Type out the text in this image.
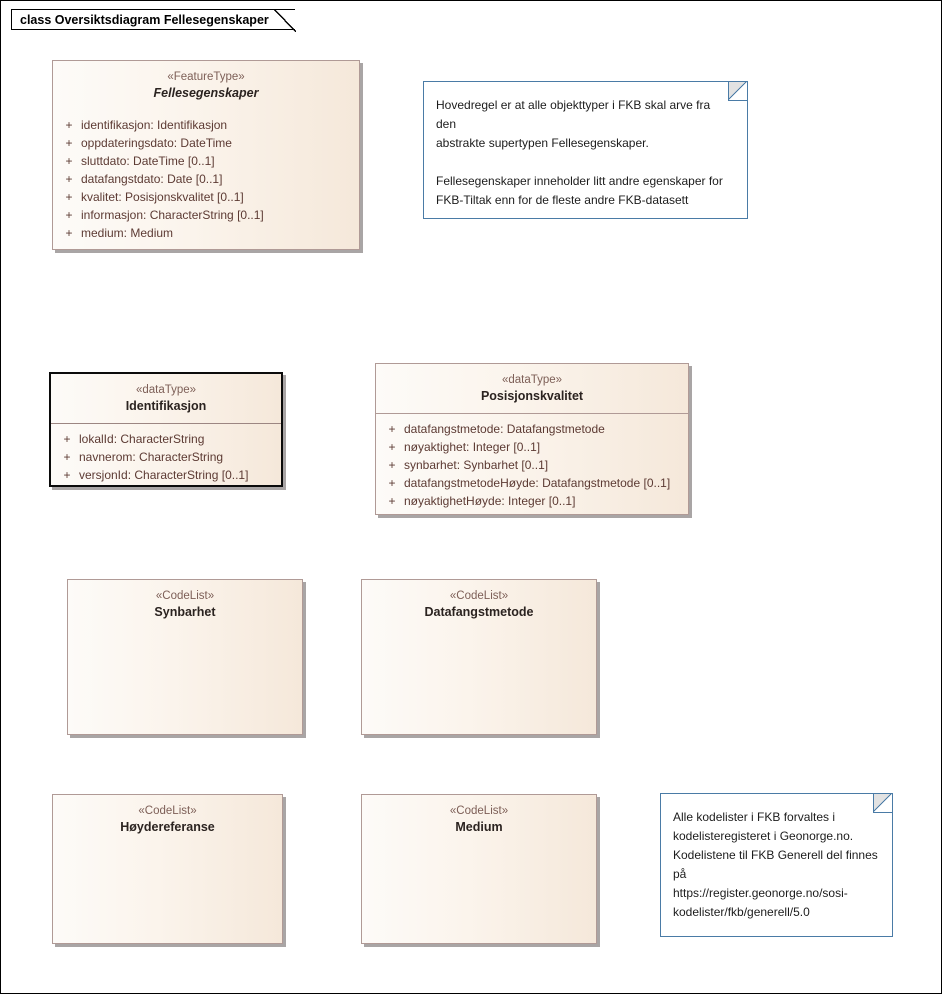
class Oversiktsdiagram Fellesegenskaper
«FeatureType»
Fellesegenskaper
+ identifikasjon: Identifikasjon
+ oppdateringsdato: DateTime
+ sluttdato: DateTime [0..1]
+ datafangstdato: Date [0..1]
+ kvalitet: Posisjonskvalitet [0..1]
+ informasjon: CharacterString [0..1]
+ medium: Medium
Hovedregel er at alle objekttyper i FKB skal arve fra den
abstrakte supertypen Fellesegenskaper.
Fellesegenskaper inneholder litt andre egenskaper for
FKB-Tiltak enn for de fleste andre FKB-datasett
«dataType»
Identifikasjon
+ lokalId: CharacterString
+ navnerom: CharacterString
+ versjonId: CharacterString [0..1]
«dataType»
Posisjonskvalitet
+ datafangstmetode: Datafangstmetode
+ nøyaktighet: Integer [0..1]
+ synbarhet: Synbarhet [0..1]
+ datafangstmetodeHøyde: Datafangstmetode [0..1]
+ nøyaktighetHøyde: Integer [0..1]
«CodeList»
Synbarhet
«CodeList»
Datafangstmetode
«CodeList»
Høydereferanse
«CodeList»
Medium
Alle kodelister i FKB forvaltes i
kodelisteregisteret i Geonorge.no.
Kodelistene til FKB Generell del finnes på
https://register.geonorge.no/sosi-
kodelister/fkb/generell/5.0
